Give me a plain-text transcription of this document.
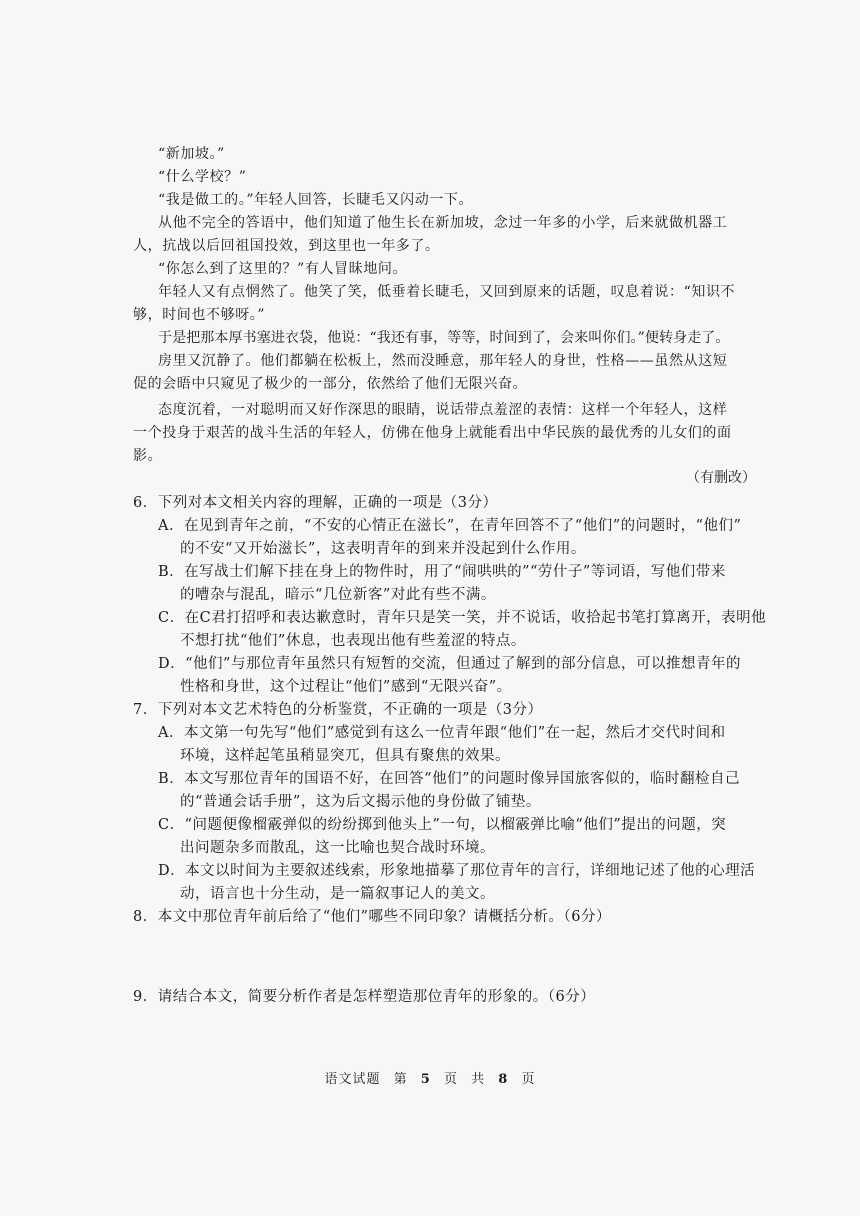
“新加坡。”
“什么学校？”
“我是做工的。”年轻人回答，长睫毛又闪动一下。
从他不完全的答语中，他们知道了他生长在新加坡，念过一年多的小学，后来就做机器工
人，抗战以后回祖国投效，到这里也一年多了。
“你怎么到了这里的？”有人冒昧地问。
年轻人又有点惘然了。他笑了笑，低垂着长睫毛，又回到原来的话题，叹息着说：“知识不
够，时间也不够呀。”
于是把那本厚书塞进衣袋，他说：“我还有事，等等，时间到了，会来叫你们。”便转身走了。
房里又沉静了。他们都躺在松板上，然而没睡意，那年轻人的身世，性格——虽然从这短
促的会晤中只窥见了极少的一部分，依然给了他们无限兴奋。
态度沉着，一对聪明而又好作深思的眼睛，说话带点羞涩的表情：这样一个年轻人，这样
一个投身于艰苦的战斗生活的年轻人，仿佛在他身上就能看出中华民族的最优秀的儿女们的面
影。
（有删改）
6．下列对本文相关内容的理解，正确的一项是（3分）
A．在见到青年之前，“不安的心情正在滋长”，在青年回答不了“他们”的问题时，“他们”
的不安“又开始滋长”，这表明青年的到来并没起到什么作用。
B．在写战士们解下挂在身上的物件时，用了“闹哄哄的”“劳什子”等词语，写他们带来
的嘈杂与混乱，暗示“几位新客”对此有些不满。
C．在C君打招呼和表达歉意时，青年只是笑一笑，并不说话，收拾起书笔打算离开，表明他
不想打扰“他们”休息，也表现出他有些羞涩的特点。
D．“他们”与那位青年虽然只有短暂的交流，但通过了解到的部分信息，可以推想青年的
性格和身世，这个过程让“他们”感到“无限兴奋”。
7．下列对本文艺术特色的分析鉴赏，不正确的一项是（3分）
A．本文第一句先写“他们”感觉到有这么一位青年跟“他们”在一起，然后才交代时间和
环境，这样起笔虽稍显突兀，但具有聚焦的效果。
B．本文写那位青年的国语不好，在回答“他们”的问题时像异国旅客似的，临时翻检自己
的“普通会话手册”，这为后文揭示他的身份做了铺垫。
C．“问题便像榴霰弹似的纷纷掷到他头上”一句，以榴霰弹比喻“他们”提出的问题，突
出问题杂多而散乱，这一比喻也契合战时环境。
D．本文以时间为主要叙述线索，形象地描摹了那位青年的言行，详细地记述了他的心理活
动，语言也十分生动，是一篇叙事记人的美文。
8．本文中那位青年前后给了“他们”哪些不同印象？请概括分析。（6分）
9．请结合本文，简要分析作者是怎样塑造那位青年的形象的。（6分）
语文试题 第 5 页 共 8 页
